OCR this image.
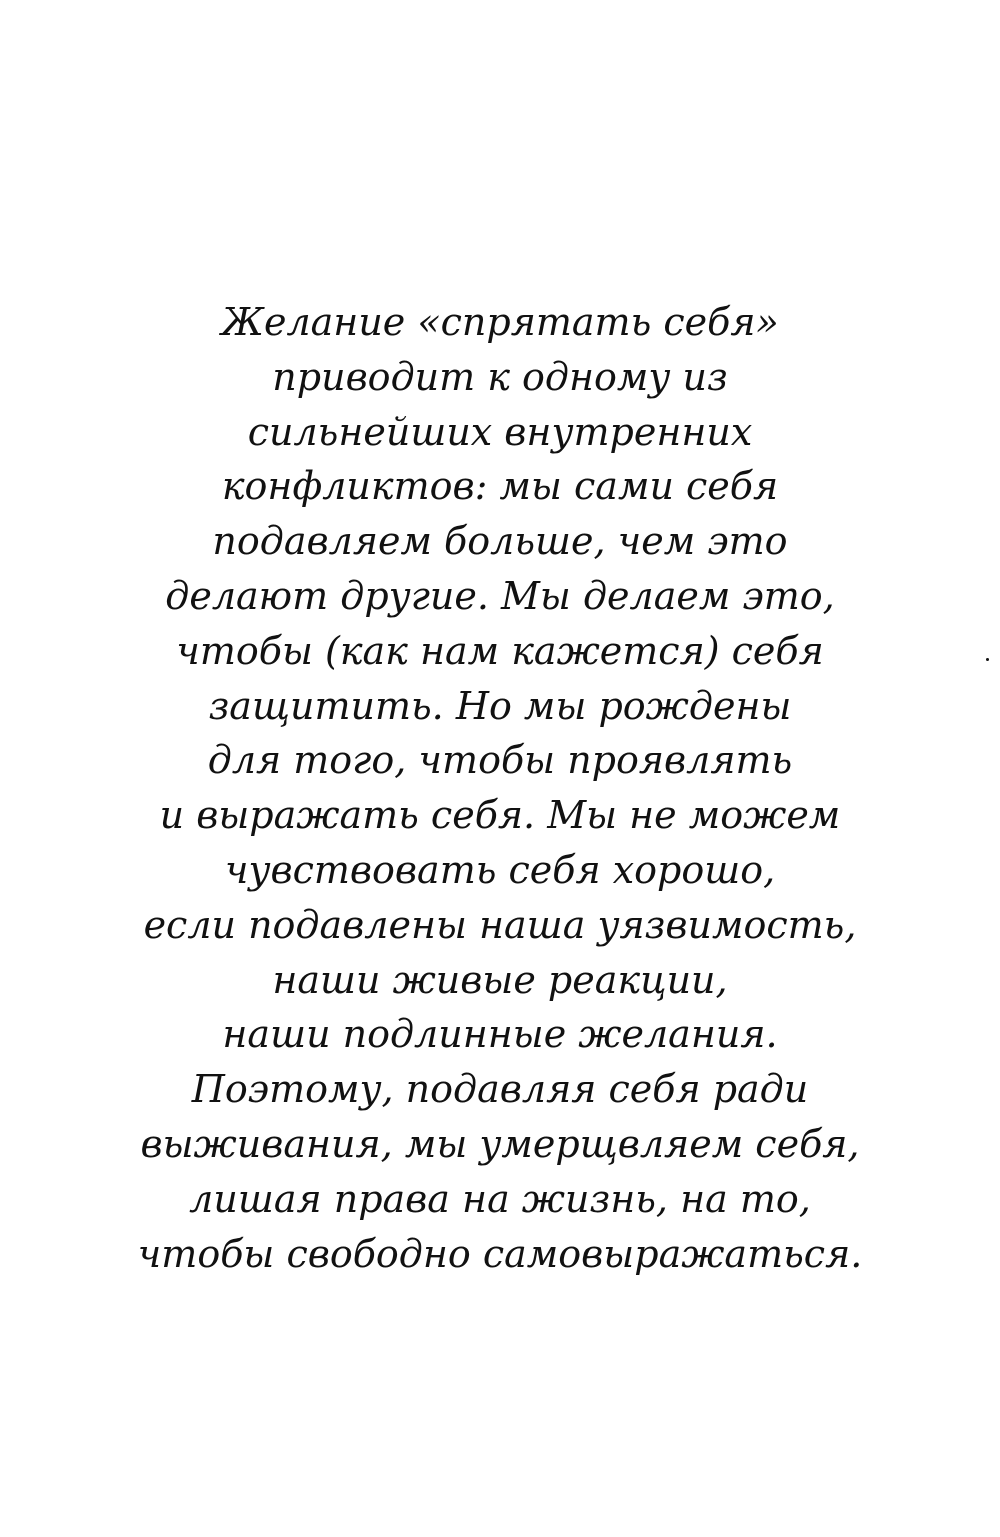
Желание «спрятать себя»
приводит к одному из
сильнейших внутренних
конфликтов: мы сами себя
подавляем больше, чем это
делают другие. Мы делаем это,
чтобы (как нам кажется) себя
защитить. Но мы рождены
для того, чтобы проявлять
и выражать себя. Мы не можем
чувствовать себя хорошо,
если подавлены наша уязвимость,
наши живые реакции,
наши подлинные желания.
Поэтому, подавляя себя ради
выживания, мы умерщвляем себя,
лишая права на жизнь, на то,
чтобы свободно самовыражаться.
